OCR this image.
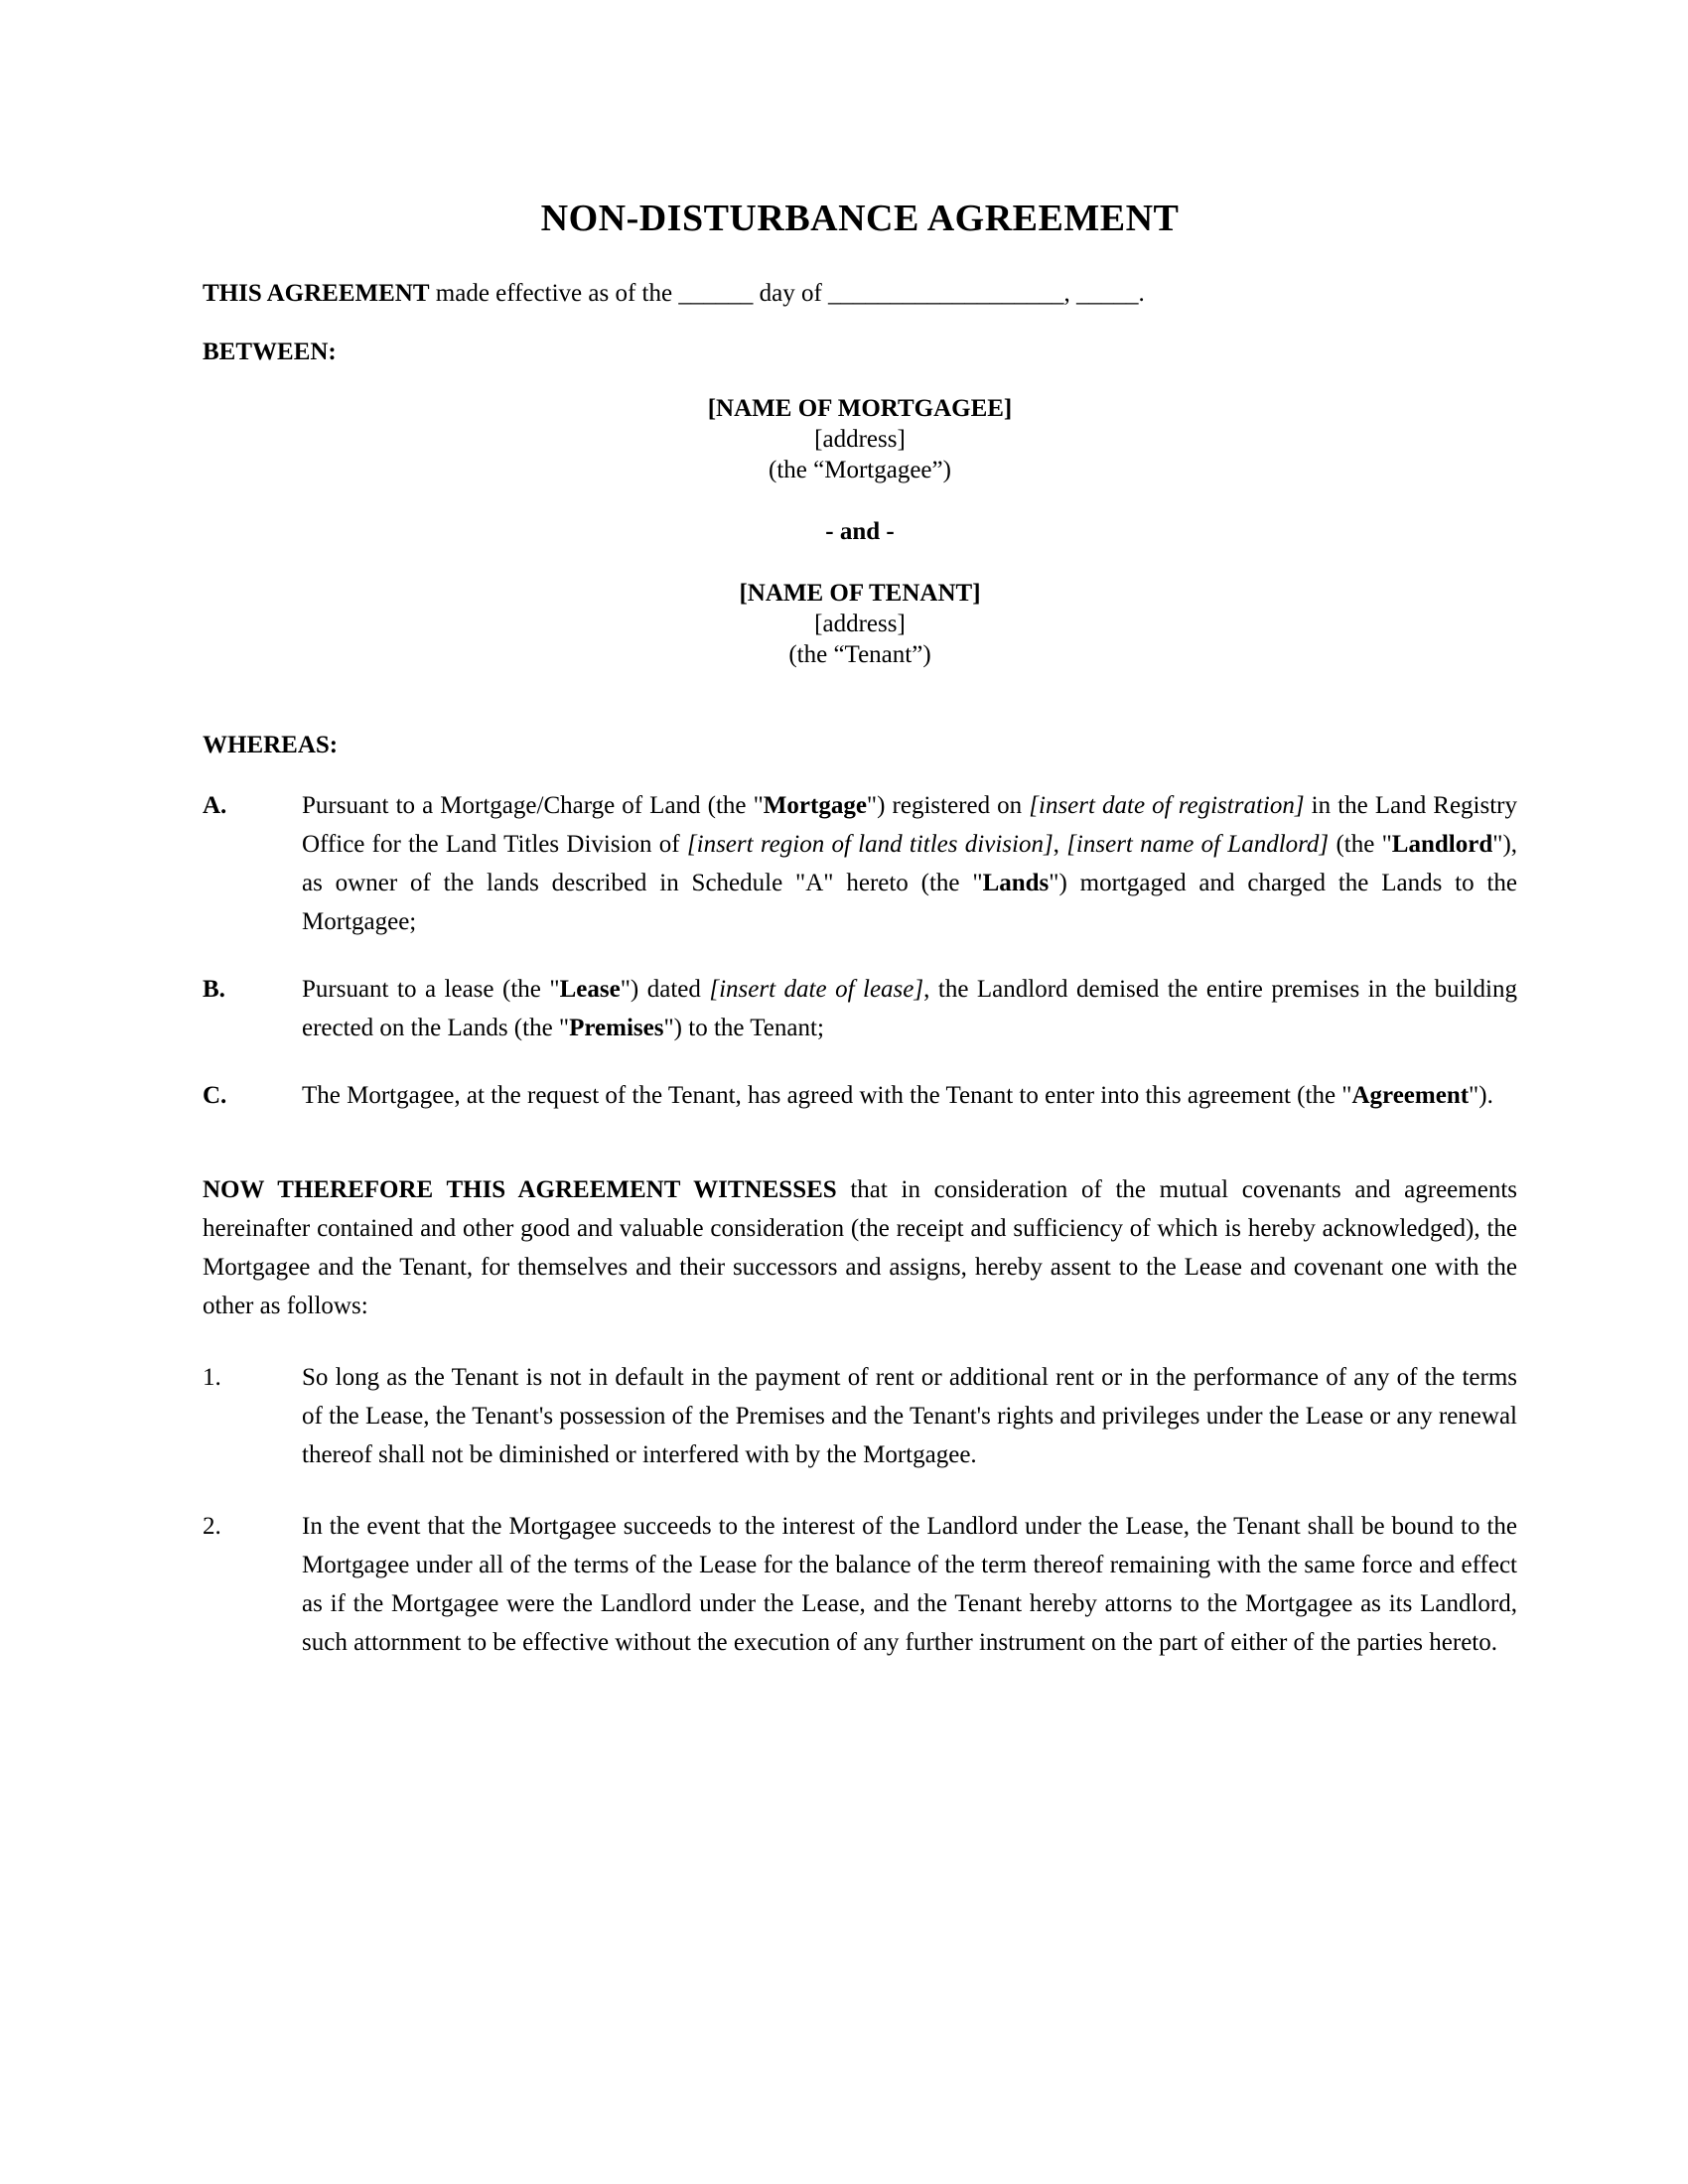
NON-DISTURBANCE AGREEMENT

THIS AGREEMENT made effective as of the ______ day of ___________________, _____.

BETWEEN:

[NAME OF MORTGAGEE]
[address]
(the “Mortgagee”)
- and -
[NAME OF TENANT]
[address]
(the “Tenant”)

WHEREAS:

A.	Pursuant to a Mortgage/Charge of Land (the "Mortgage") registered on [insert date of registration] in the Land Registry Office for the Land Titles Division of [insert region of land titles division], [insert name of Landlord] (the "Landlord"), as owner of the lands described in Schedule "A" hereto (the "Lands") mortgaged and charged the Lands to the Mortgagee;
B.	Pursuant to a lease (the "Lease") dated [insert date of lease], the Landlord demised the entire premises in the building erected on the Lands (the "Premises") to the Tenant;
C.	The Mortgagee, at the request of the Tenant, has agreed with the Tenant to enter into this agreement (the "Agreement").

NOW THEREFORE THIS AGREEMENT WITNESSES that in consideration of the mutual covenants and agreements hereinafter contained and other good and valuable consideration (the receipt and sufficiency of which is hereby acknowledged), the Mortgagee and the Tenant, for themselves and their successors and assigns, hereby assent to the Lease and covenant one with the other as follows:

1.	So long as the Tenant is not in default in the payment of rent or additional rent or in the performance of any of the terms of the Lease, the Tenant's possession of the Premises and the Tenant's rights and privileges under the Lease or any renewal thereof shall not be diminished or interfered with by the Mortgagee.
2.	In the event that the Mortgagee succeeds to the interest of the Landlord under the Lease, the Tenant shall be bound to the Mortgagee under all of the terms of the Lease for the balance of the term thereof remaining with the same force and effect as if the Mortgagee were the Landlord under the Lease, and the Tenant hereby attorns to the Mortgagee as its Landlord, such attornment to be effective without the execution of any further instrument on the part of either of the parties hereto.
